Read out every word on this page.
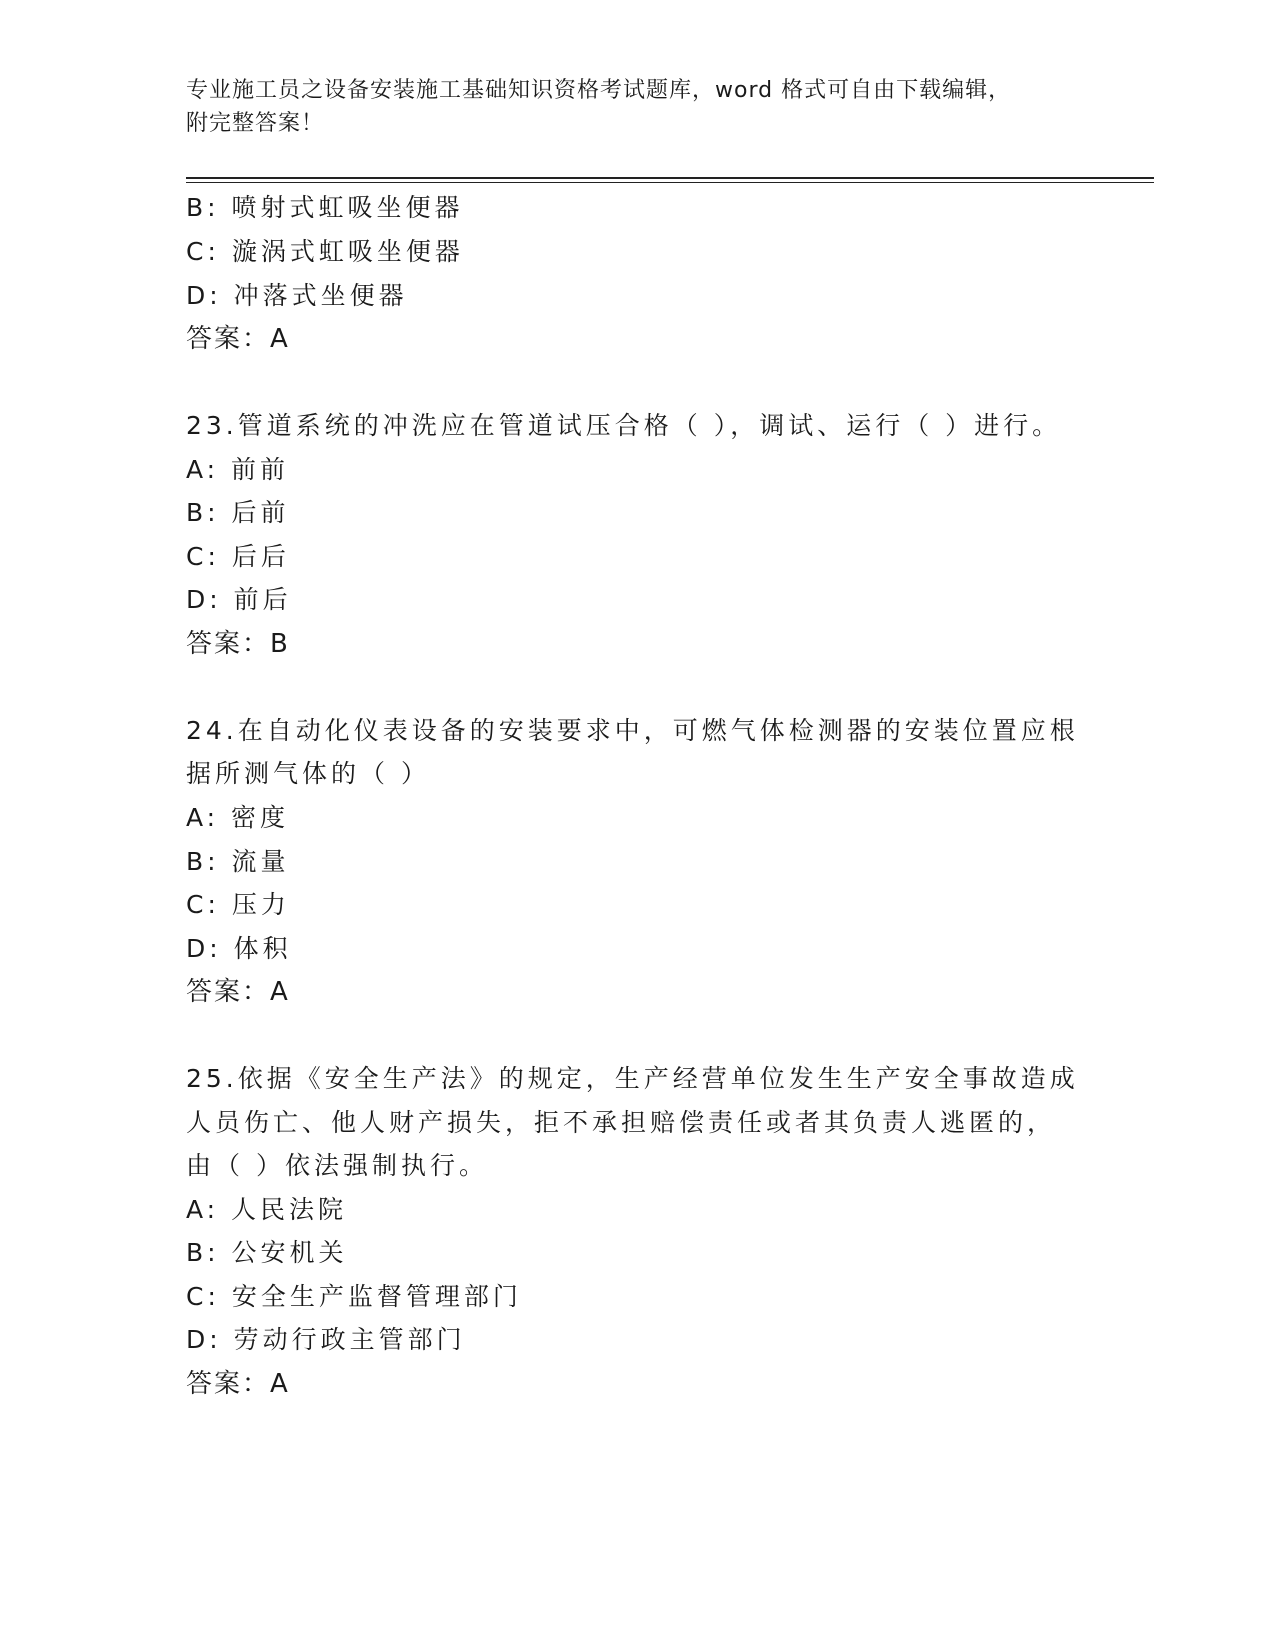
专业施工员之设备安装施工基础知识资格考试题库，word 格式可自由下载编辑，
附完整答案！
B: 喷射式虹吸坐便器
C: 漩涡式虹吸坐便器
D: 冲落式坐便器
答案：A
23.管道系统的冲洗应在管道试压合格（ ），调试、运行（ ）进行。
A: 前前
B: 后前
C: 后后
D: 前后
答案：B
24.在自动化仪表设备的安装要求中，可燃气体检测器的安装位置应根
据所测气体的（ ）
A: 密度
B: 流量
C: 压力
D: 体积
答案：A
25.依据《安全生产法》的规定，生产经营单位发生生产安全事故造成
人员伤亡、他人财产损失，拒不承担赔偿责任或者其负责人逃匿的，
由（ ）依法强制执行。
A: 人民法院
B: 公安机关
C: 安全生产监督管理部门
D: 劳动行政主管部门
答案：A
